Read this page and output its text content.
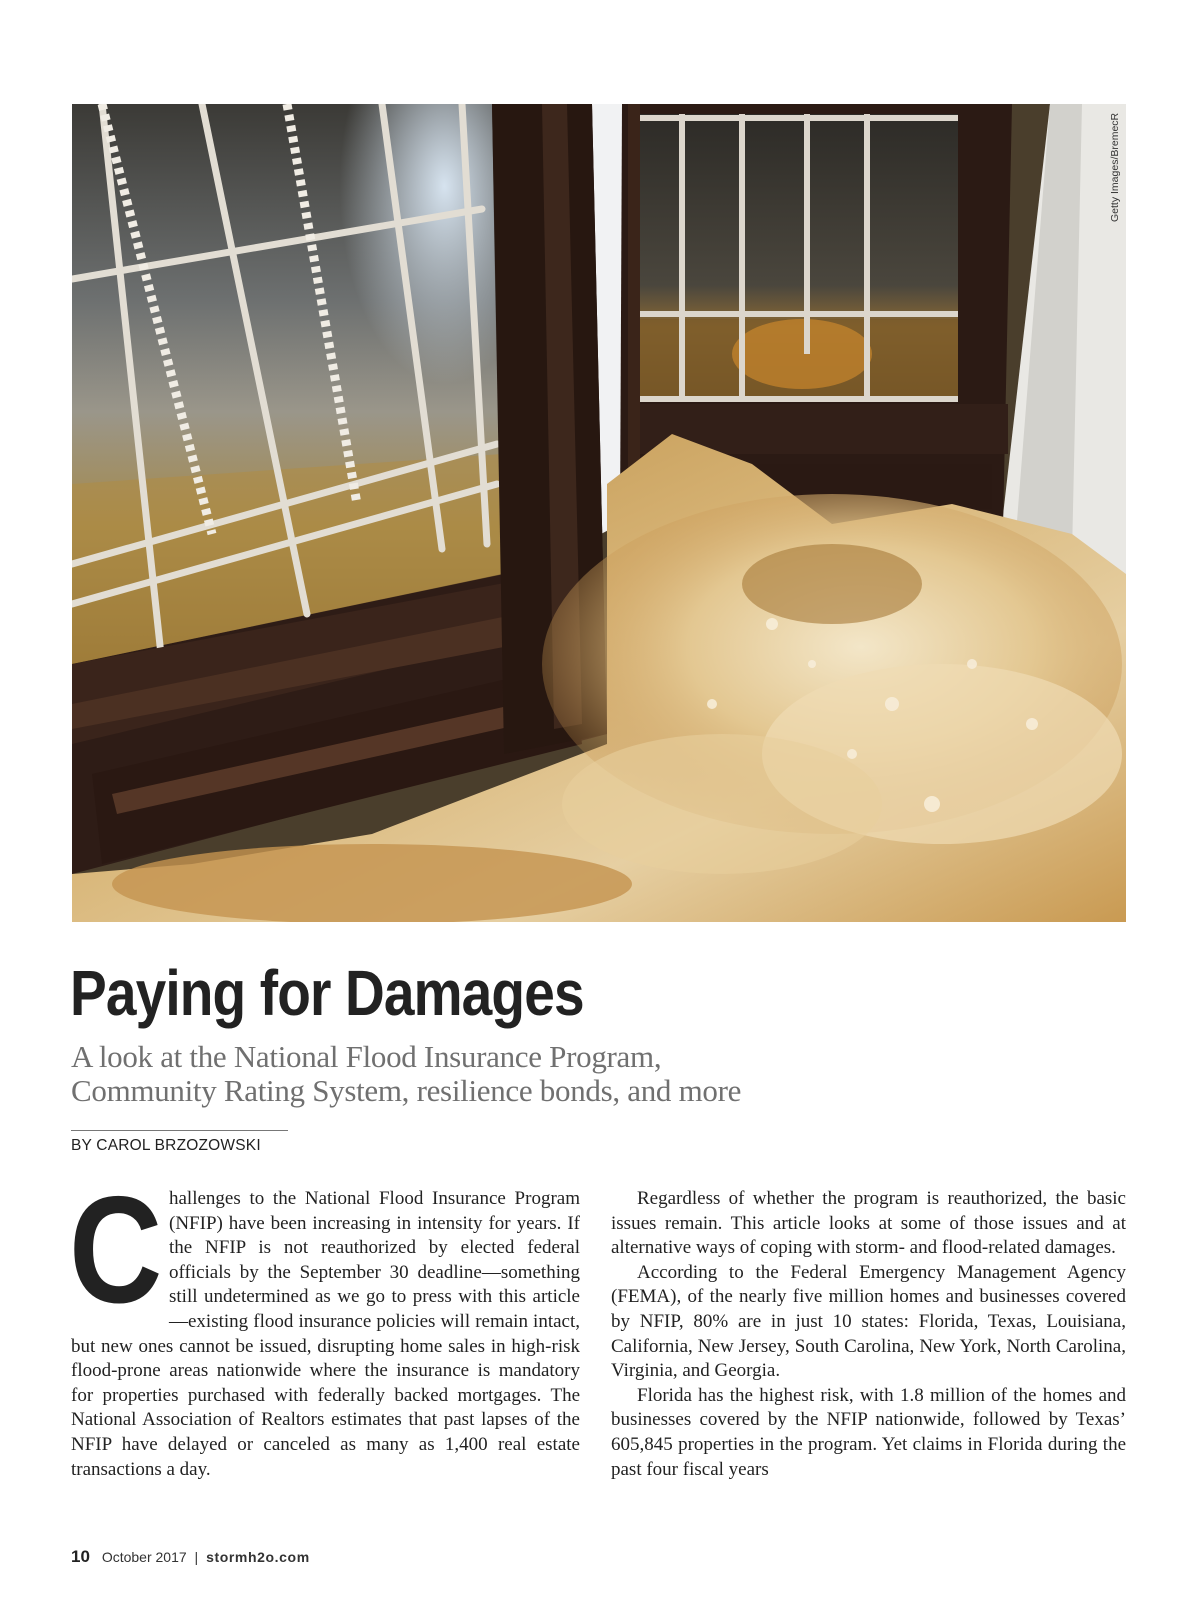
Getty Images/BremecR
Paying for Damages
A look at the National Flood Insurance Program,
Community Rating System, resilience bonds, and more
BY CAROL BRZOZOWSKI

Challenges to the National Flood Insurance Program (NFIP) have been increasing in intensity for years. If the NFIP is not reauthorized by elected federal officials by the September 30 deadline—something still undetermined as we go to press with this article—existing flood insurance policies will remain intact, but new ones cannot be issued, disrupting home sales in high-risk flood-prone areas nationwide where the insurance is mandatory for properties purchased with federally backed mortgages. The National Association of Realtors estimates that past lapses of the NFIP have delayed or canceled as many as 1,400 real estate transactions a day.

Regardless of whether the program is reauthorized, the basic issues remain. This article looks at some of those issues and at alternative ways of coping with storm- and flood-related damages.

According to the Federal Emergency Management Agency (FEMA), of the nearly five million homes and businesses covered by NFIP, 80% are in just 10 states: Florida, Texas, Louisiana, California, New Jersey, South Carolina, New York, North Carolina, Virginia, and Georgia.

Florida has the highest risk, with 1.8 million of the homes and businesses covered by the NFIP nationwide, followed by Texas’ 605,845 properties in the program. Yet claims in Florida during the past four fiscal years

10 October 2017 | stormh2o.com
